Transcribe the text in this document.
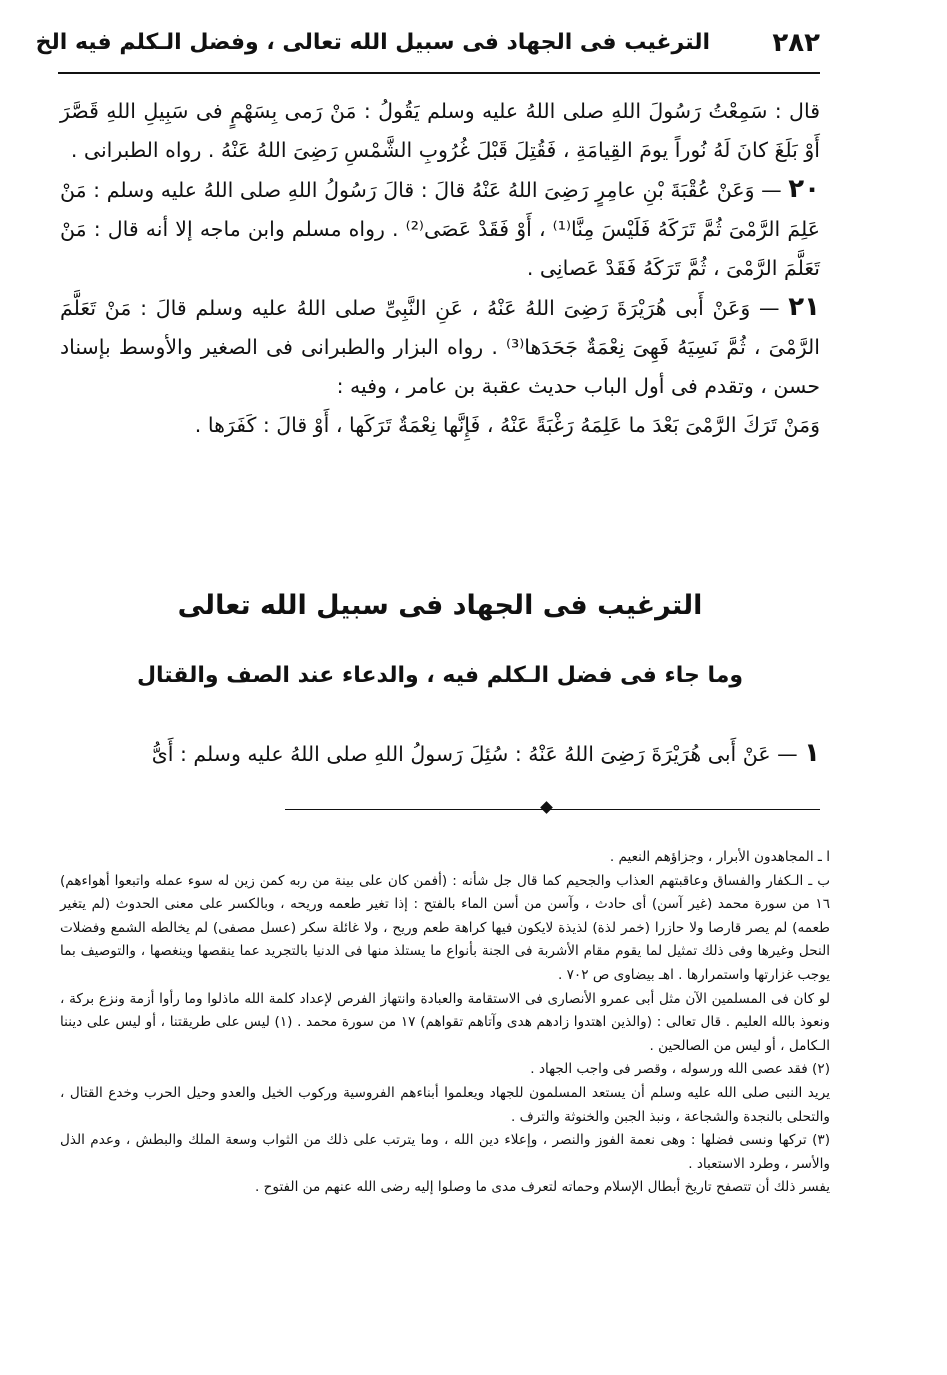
٢٨٢
الترغيب فى الجهاد فى سبيل الله تعالى ، وفضل الـكلم فيه الخ

قال : سَمِعْتُ رَسُولَ اللهِ صلى اللهُ عليه وسلم يَقُولُ : مَنْ رَمى بِسَهْمٍ فى سَبِيلِ اللهِ قَصَّرَ أَوْ بَلَغَ كانَ لَهُ نُوراً يومَ القِيامَةِ ، فَقُتِلَ قَبْلَ غُرُوبِ الشَّمْسِ رَضِىَ اللهُ عَنْهُ . رواه الطبرانى .

٢٠ — وَعَنْ عُقْبَةَ بْنِ عامِرٍ رَضِىَ اللهُ عَنْهُ قالَ : قالَ رَسُولُ اللهِ صلى اللهُ عليه وسلم : مَنْ عَلِمَ الرَّمْىَ ثُمَّ تَرَكَهُ فَلَيْسَ مِنَّا⁽¹⁾ ، أَوْ فَقَدْ عَصَى⁽²⁾ . رواه مسلم وابن ماجه إلا أنه قال : مَنْ تَعَلَّمَ الرَّمْىَ ، ثُمَّ تَرَكَهُ فَقَدْ عَصانِى .

٢١ — وَعَنْ أَبى هُرَيْرَةَ رَضِىَ اللهُ عَنْهُ ، عَنِ النَّبِىِّ صلى اللهُ عليه وسلم قالَ : مَنْ تَعَلَّمَ الرَّمْىَ ، ثُمَّ نَسِيَهُ فَهِىَ نِعْمَةٌ جَحَدَها⁽³⁾ . رواه البزار والطبرانى فى الصغير والأوسط بإسناد حسن ، وتقدم فى أول الباب حديث عقبة بن عامر ، وفيه :

وَمَنْ تَرَكَ الرَّمْىَ بَعْدَ ما عَلِمَهُ رَغْبَةً عَنْهُ ، فَإِنَّها نِعْمَةٌ تَرَكَها ، أَوْ قالَ : كَفَرَها .

الترغيب فى الجهاد فى سبيل الله تعالى
وما جاء فى فضل الـكلم فيه ، والدعاء عند الصف والقتال
١ — عَنْ أَبى هُرَيْرَةَ رَضِىَ اللهُ عَنْهُ : سُئِلَ رَسولُ اللهِ صلى اللهُ عليه وسلم : أَىُّ

ا ـ المجاهدون الأبرار ، وجزاؤهم النعيم .

ب ـ الـكفار والفساق وعاقبتهم العذاب والجحيم كما قال جل شأنه : (أفمن كان على بينة من ربه كمن زين له سوء عمله واتبعوا أهواءهم) ١٦ من سورة محمد (غير آسن) أى حادث ، وآسن من أسن الماء بالفتح : إذا تغير طعمه وريحه ، وبالكسر على معنى الحدوث (لم يتغير طعمه) لم يصر قارصا ولا حازرا (خمر لذة) لذيذة لايكون فيها كراهة طعم وريح ، ولا غائلة سكر (عسل مصفى) لم يخالطه الشمع وفضلات النحل وغيرها وفى ذلك تمثيل لما يقوم مقام الأشربة فى الجنة بأنواع ما يستلذ منها فى الدنيا بالتجريد عما ينقصها وينغصها ، والتوصيف بما يوجب غزارتها واستمرارها . اهـ بيضاوى ص ٧٠٢ .

لو كان فى المسلمين الآن مثل أبى عمرو الأنصارى فى الاستقامة والعبادة وانتهاز الفرص لإعداد كلمة الله ماذلوا وما رأوا أزمة ونزع بركة ، ونعوذ بالله العليم . قال تعالى : (والذين اهتدوا زادهم هدى وآتاهم تقواهم) ١٧ من سورة محمد . (١) ليس على طريقتنا ، أو ليس على ديننا الـكامل ، أو ليس من الصالحين .

(٢) فقد عصى الله ورسوله ، وقصر فى واجب الجهاد .

يريد النبى صلى الله عليه وسلم أن يستعد المسلمون للجهاد ويعلموا أبناءهم الفروسية وركوب الخيل والعدو وحيل الحرب وخدع القتال ، والتحلى بالنجدة والشجاعة ، ونبذ الجبن والخنوثة والترف .

(٣) تركها ونسى فضلها : وهى نعمة الفوز والنصر ، وإعلاء دين الله ، وما يترتب على ذلك من الثواب وسعة الملك والبطش ، وعدم الذل والأسر ، وطرد الاستعباد .

يفسر ذلك أن تتصفح تاريخ أبطال الإسلام وحماته لتعرف مدى ما وصلوا إليه رضى الله عنهم من الفتوح .
